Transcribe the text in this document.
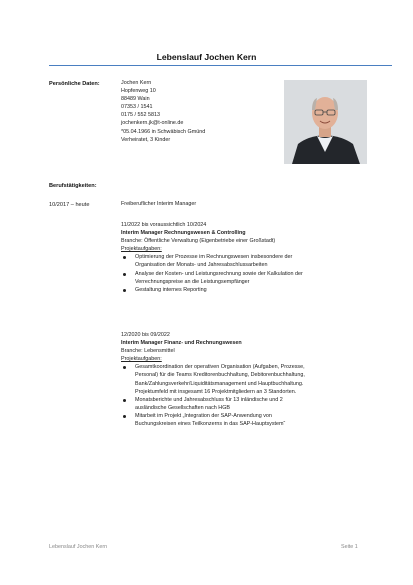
Lebenslauf Jochen Kern
Persönliche Daten:	Jochen Kern
Hopfenweg 10
88489 Wain
07353 / 1541
0175 / 552 5813
jochenkern.jk@t-online.de
*05.04.1966 in Schwäbisch Gmünd
Verheiratet, 3 Kinder
Berufstätigkeiten:
10/2017 – heute	Freiberuflicher Interim Manager
11/2022 bis voraussichtlich 10/2024
Interim Manager Rechnungswesen & Controlling
Branche: Öffentliche Verwaltung (Eigenbetriebe einer Großstadt)
Projektaufgaben:
Optimierung der Prozesse im Rechnungswesen insbesondere der
Organisation der Monats- und Jahresabschlussarbeiten
Analyse der Kosten- und Leistungsrechnung sowie der Kalkulation der
Verrechnungspreise an die Leistungsempfänger
Gestaltung internes Reporting
12/2020 bis 09/2022
Interim Manager Finanz- und Rechnungswesen
Branche: Lebensmittel
Projektaufgaben:
Gesamtkoordination der operativen Organisation (Aufgaben, Prozesse,
Personal) für die Teams Kreditorenbuchhaltung, Debitorenbuchhaltung,
Bank/Zahlungsverkehr/Liquiditätsmanagement und Hauptbuchhaltung.
Projektumfeld mit insgesamt 16 Projektmitgliedern an 3 Standorten.
Monatsberichte und Jahresabschluss für 13 inländische und 2
ausländische Gesellschaften nach HGB
Mitarbeit im Projekt „Integration der SAP-Anwendung von
Buchungskreisen eines Teilkonzerns in das SAP-Hauptsystem“
Lebenslauf Jochen Kern	Seite 1
